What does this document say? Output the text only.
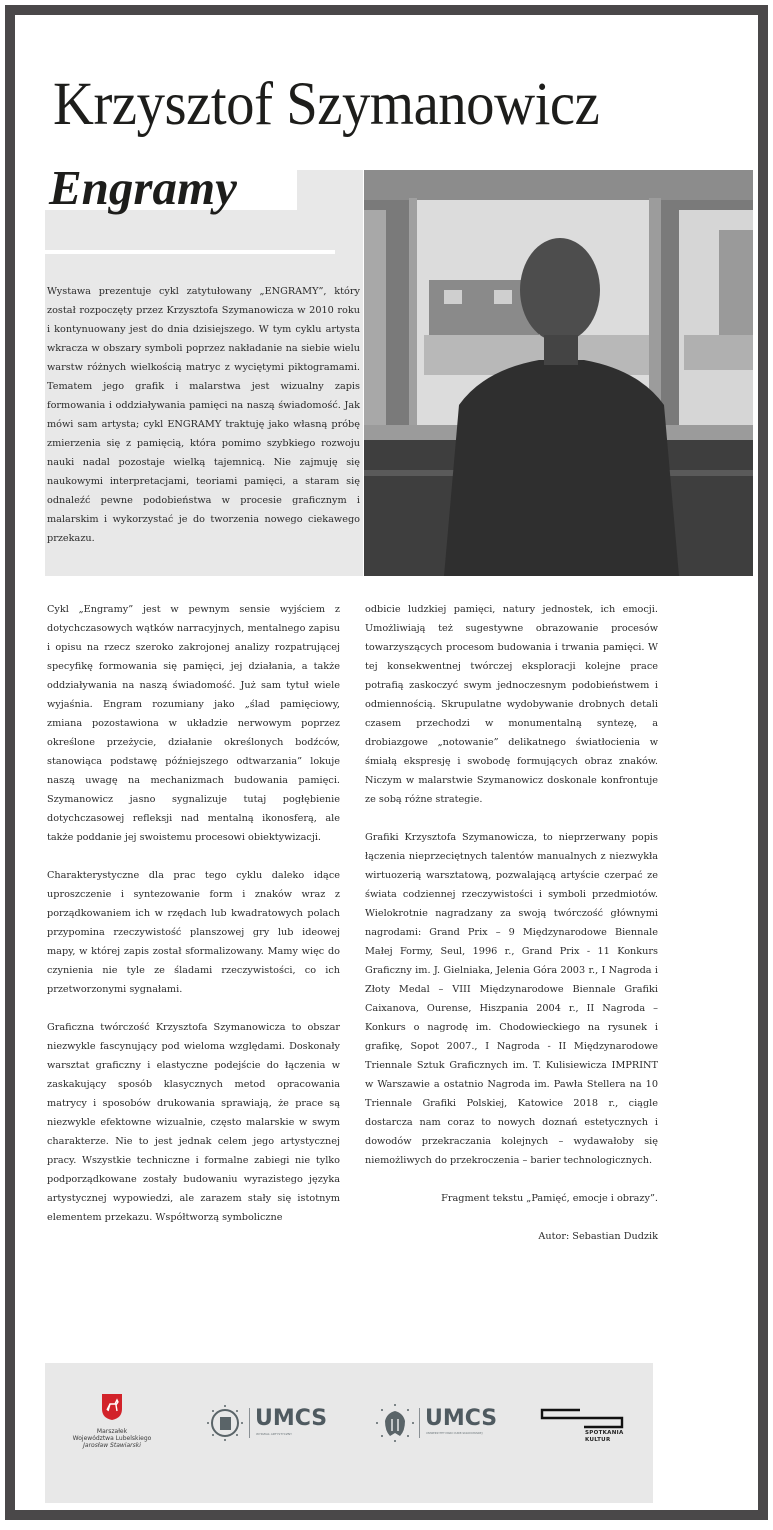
Krzysztof Szymanowicz
Engramy
Wystawa prezentuje cykl zatytułowany „ENGRAMY”, który został rozpoczęty przez Krzysztofa Szymanowicza w 2010 roku i kontynuowany jest do dnia dzisiejszego. W tym cyklu artysta wkracza w obszary symboli poprzez nakładanie na siebie wielu warstw różnych wielkością matryc z wyciętymi piktogramami. Tematem jego grafik i malarstwa jest wizualny zapis formowania i oddziaływania pamięci na naszą świadomość. Jak mówi sam artysta; cykl ENGRAMY traktuję jako własną próbę zmierzenia się z pamięcią, która pomimo szybkiego rozwoju nauki nadal pozostaje wielką tajemnicą. Nie zajmuję się naukowymi interpretacjami, teoriami pamięci, a staram się odnaleźć pewne podobieństwa w procesie graficznym i malarskim i wykorzystać je do tworzenia nowego ciekawego przekazu.

Cykl „Engramy” jest w pewnym sensie wyjściem z dotychczasowych wątków narracyjnych, mentalnego zapisu i opisu na rzecz szeroko zakrojonej analizy rozpatrującej specyfikę formowania się pamięci, jej działania, a także oddziaływania na naszą świadomość. Już sam tytuł wiele wyjaśnia. Engram rozumiany jako „ślad pamięciowy, zmiana pozostawiona w układzie nerwowym poprzez określone przeżycie, działanie określonych bodźców, stanowiąca podstawę późniejszego odtwarzania” lokuje naszą uwagę na mechanizmach budowania pamięci. Szymanowicz jasno sygnalizuje tutaj pogłębienie dotychczasowej refleksji nad mentalną ikonosferą, ale także poddanie jej swoistemu procesowi obiektywizacji.

Charakterystyczne dla prac tego cyklu daleko idące uproszczenie i syntezowanie form i znaków wraz z porządkowaniem ich w rzędach lub kwadratowych polach przypomina rzeczywistość planszowej gry lub ideowej mapy, w której zapis został sformalizowany. Mamy więc do czynienia nie tyle ze śladami rzeczywistości, co ich przetworzonymi sygnałami.

Graficzna twórczość Krzysztofa Szymanowicza to obszar niezwykle fascynujący pod wieloma względami. Doskonały warsztat graficzny i elastyczne podejście do łączenia w zaskakujący sposób klasycznych metod opracowania matrycy i sposobów drukowania sprawiają, że prace są niezwykle efektowne wizualnie, często malarskie w swym charakterze. Nie to jest jednak celem jego artystycznej pracy. Wszystkie techniczne i formalne zabiegi nie tylko podporządkowane zostały budowaniu wyrazistego języka artystycznej wypowiedzi, ale zarazem stały się istotnym elementem przekazu. Współtworzą symboliczne

odbicie ludzkiej pamięci, natury jednostek, ich emocji. Umożliwiają też sugestywne obrazowanie procesów towarzyszących procesom budowania i trwania pamięci. W tej konsekwentnej twórczej eksploracji kolejne prace potrafią zaskoczyć swym jednoczesnym podobieństwem i odmiennością. Skrupulatne wydobywanie drobnych detali czasem przechodzi w monumentalną syntezę, a drobiazgowe „notowanie” delikatnego światłocienia w śmiałą ekspresję i swobodę formujących obraz znaków. Niczym w malarstwie Szymanowicz doskonale konfrontuje ze sobą różne strategie.

Grafiki Krzysztofa Szymanowicza, to nieprzerwany popis łączenia nieprzeciętnych talentów manualnych z niezwykła wirtuozerią warsztatową, pozwalającą artyście czerpać ze świata codziennej rzeczywistości i symboli przedmiotów. Wielokrotnie nagradzany za swoją twórczość głównymi nagrodami: Grand Prix – 9 Międzynarodowe Biennale Małej Formy, Seul, 1996 r., Grand Prix - 11 Konkurs Graficzny im. J. Gielniaka, Jelenia Góra 2003 r., I Nagroda i Złoty Medal – VIII Międzynarodowe Biennale Grafiki Caixanova, Ourense, Hiszpania 2004 r., II Nagroda – Konkurs o nagrodę im. Chodowieckiego na rysunek i grafikę, Sopot 2007., I Nagroda - II Międzynarodowe Triennale Sztuk Graficznych im. T. Kulisiewicza IMPRINT w Warszawie a ostatnio Nagroda im. Pawła Stellera na 10 Triennale Grafiki Polskiej, Katowice 2018 r., ciągle dostarcza nam coraz to nowych doznań estetycznych i dowodów przekraczania kolejnych – wydawałoby się niemożliwych do przekroczenia – barier technologicznych.

Fragment tekstu „Pamięć, emocje i obrazy”.

Autor: Sebastian Dudzik

Marszałek
Województwa Lubelskiego
Jarosław Stawiarski
UMCS
WYDZIAŁ ARTYSTYCZNY
UMCS
UNIWERSYTET MARII CURIE-SKŁODOWSKIEJ	SPOTKANIA
KULTUR
